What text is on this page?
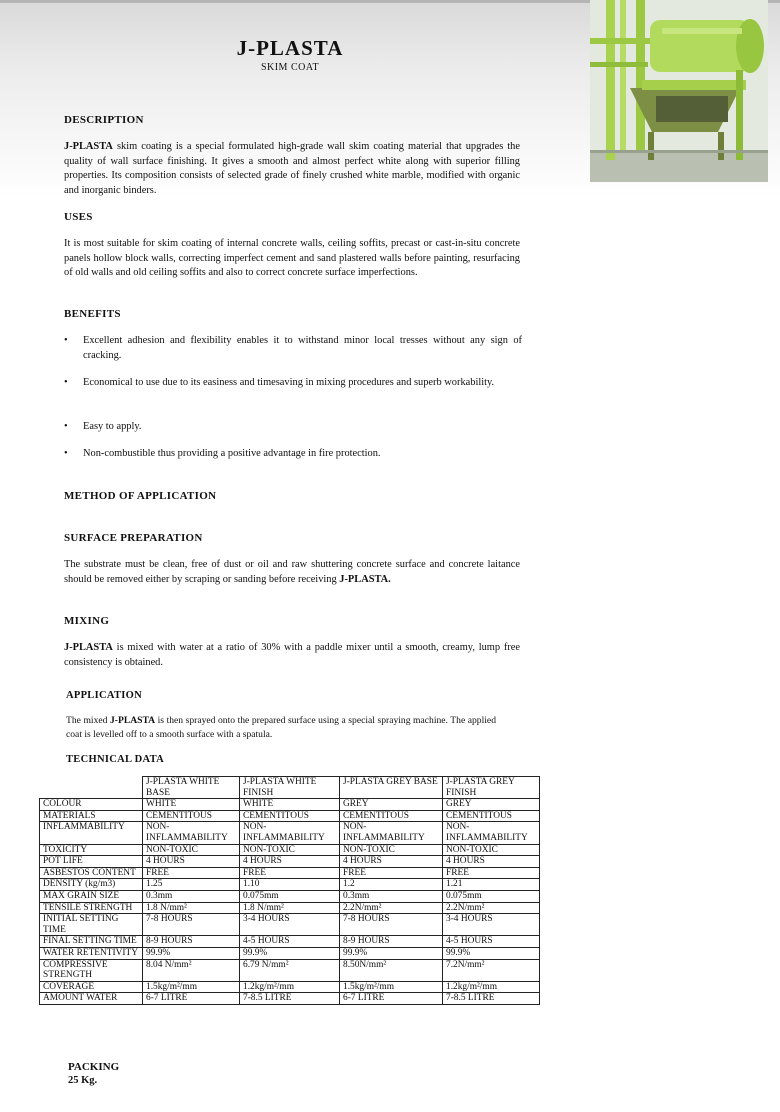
J-PLASTA
SKIM COAT
DESCRIPTION

J-PLASTA skim coating is a special formulated high-grade wall skim coating material that upgrades the quality of wall surface finishing. It gives a smooth and almost perfect white along with superior filling properties. Its composition consists of selected grade of finely crushed white marble, modified with organic and inorganic binders.

USES

It is most suitable for skim coating of internal concrete walls, ceiling soffits, precast or cast-in-situ concrete panels hollow block walls, correcting imperfect cement and sand plastered walls before painting, resurfacing of old walls and old ceiling soffits and also to correct concrete surface imperfections.

BENEFITS
• Excellent adhesion and flexibility enables it to withstand minor local tresses without any sign of cracking.
• Economical to use due to its easiness and timesaving in mixing procedures and superb workability.
• Easy to apply.
• Non-combustible thus providing a positive advantage in fire protection.
METHOD OF APPLICATION
SURFACE PREPARATION

The substrate must be clean, free of dust or oil and raw shuttering concrete surface and concrete laitance should be removed either by scraping or sanding before receiving J-PLASTA.

MIXING

J-PLASTA is mixed with water at a ratio of 30% with a paddle mixer until a smooth, creamy, lump free consistency is obtained.

APPLICATION

The mixed J-PLASTA is then sprayed onto the prepared surface using a special spraying machine. The applied coat is levelled off to a smooth surface with a spatula.

TECHNICAL DATA
	J-PLASTA WHITE BASE	J-PLASTA WHITE FINISH	J-PLASTA GREY BASE	J-PLASTA GREY FINISH
COLOUR	WHITE	WHITE	GREY	GREY
MATERIALS	CEMENTITOUS	CEMENTITOUS	CEMENTITOUS	CEMENTITOUS
INFLAMMABILITY	NON-INFLAMMABILITY	NON-INFLAMMABILITY	NON-INFLAMMABILITY	NON-INFLAMMABILITY
TOXICITY	NON-TOXIC	NON-TOXIC	NON-TOXIC	NON-TOXIC
POT LIFE	4 HOURS	4 HOURS	4 HOURS	4 HOURS
ASBESTOS CONTENT	FREE	FREE	FREE	FREE
DENSITY (kg/m3)	1.25	1.10	1.2	1.21
MAX GRAIN SIZE	0.3mm	0.075mm	0.3mm	0.075mm
TENSILE STRENGTH	1.8 N/mm²	1.8 N/mm²	2.2N/mm²	2.2N/mm²
INITIAL SETTING TIME	7-8 HOURS	3-4 HOURS	7-8 HOURS	3-4 HOURS
FINAL SETTING TIME	8-9 HOURS	4-5 HOURS	8-9 HOURS	4-5 HOURS
WATER RETENTIVITY	99.9%	99.9%	99.9%	99.9%
COMPRESSIVE STRENGTH	8.04 N/mm²	6.79 N/mm²	8.50N/mm²	7.2N/mm²
COVERAGE	1.5kg/m²/mm	1.2kg/m²/mm	1.5kg/m²/mm	1.2kg/m²/mm
AMOUNT WATER	6-7 LITRE	7-8.5 LITRE	6-7 LITRE	7-8.5 LITRE
PACKING
25 Kg.
